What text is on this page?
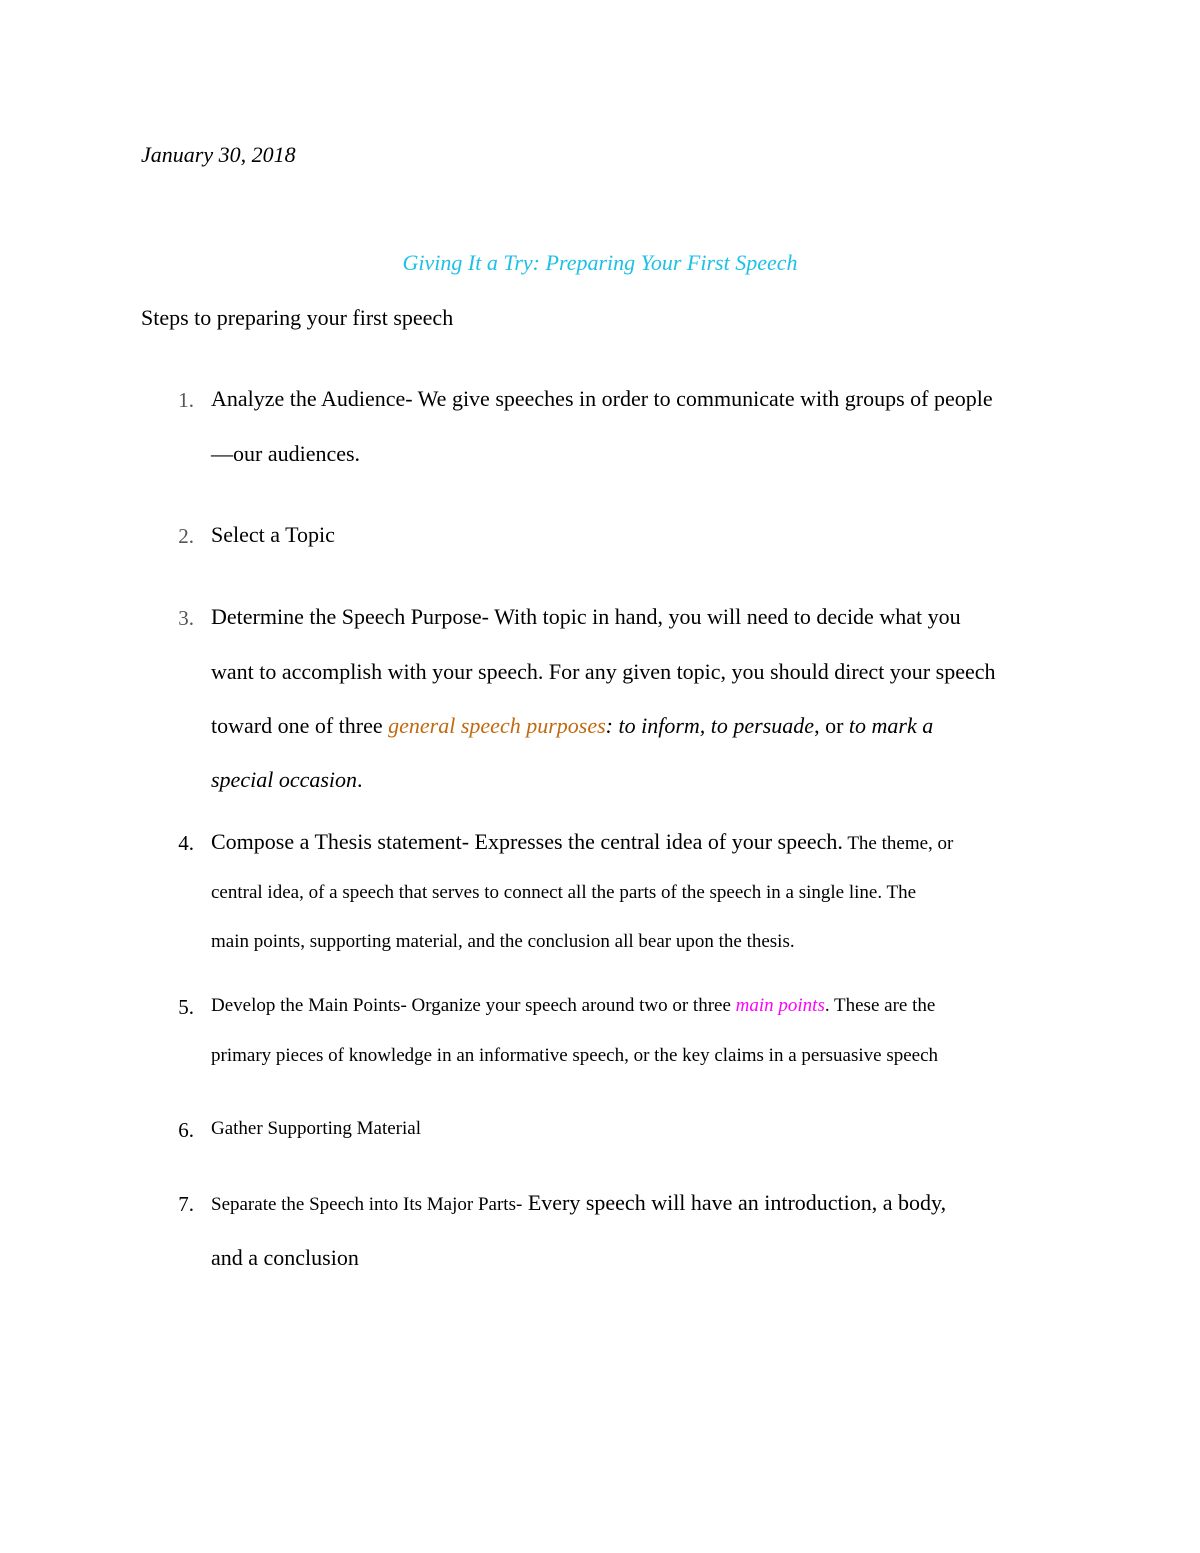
January 30, 2018
Giving It a Try: Preparing Your First Speech
Steps to preparing your first speech
1. Analyze the Audience- We give speeches in order to communicate with groups of people
—our audiences.
2. Select a Topic
3. Determine the Speech Purpose- With topic in hand, you will need to decide what you
want to accomplish with your speech. For any given topic, you should direct your speech
toward one of three general speech purposes: to inform, to persuade, or to mark a
special occasion.
4. Compose a Thesis statement- Expresses the central idea of your speech. The theme, or
central idea, of a speech that serves to connect all the parts of the speech in a single line. The
main points, supporting material, and the conclusion all bear upon the thesis.
5. Develop the Main Points- Organize your speech around two or three main points. These are the
primary pieces of knowledge in an informative speech, or the key claims in a persuasive speech
6. Gather Supporting Material
7. Separate the Speech into Its Major Parts- Every speech will have an introduction, a body,
and a conclusion
